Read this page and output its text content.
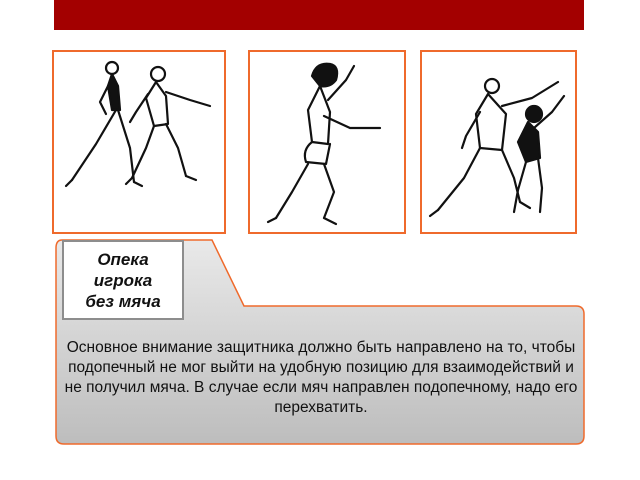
Опека
игрока
без мяча
Основное внимание защитника должно быть направлено на то, чтобы подопечный не мог выйти на удобную позицию для взаимодействий и не получил мяча. В случае если мяч направлен подопечному, надо его перехватить.
